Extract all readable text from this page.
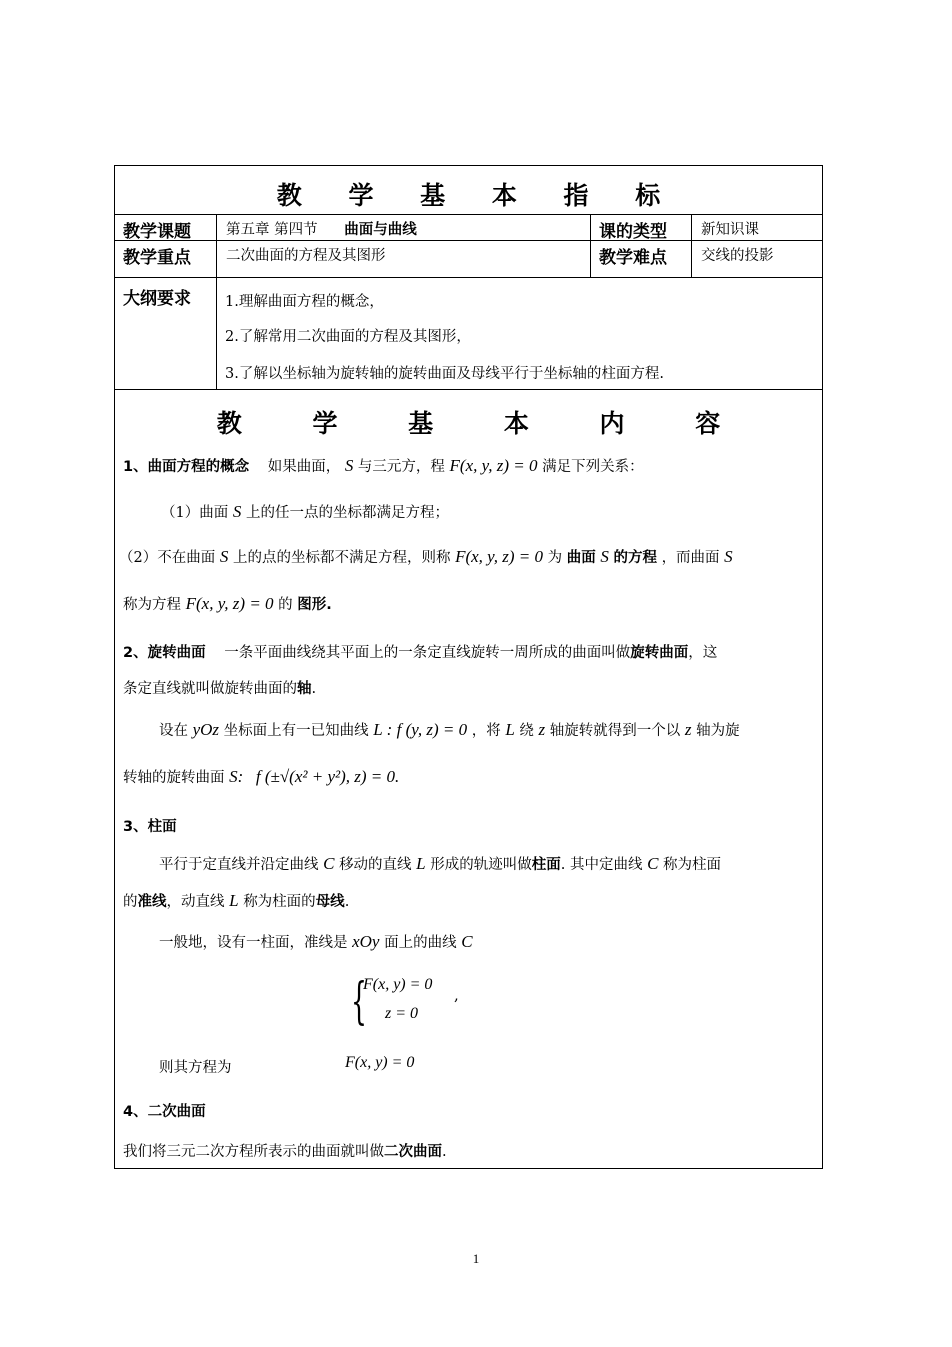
教 学 基 本 指 标
教学课题	第五章 第四节 曲面与曲线	课的类型	新知识课
教学重点	二次曲面的方程及其图形	教学难点	交线的投影
大纲要求	1.理解曲面方程的概念，
2.了解常用二次曲面的方程及其图形，
3.了解以坐标轴为旋转轴的旋转曲面及母线平行于坐标轴的柱面方程.
教 学 基 本 内 容
1、曲面方程的概念 如果曲面， S 与三元方，程 F(x, y, z) = 0 满足下列关系：
（1）曲面 S 上的任一点的坐标都满足方程；
（2）不在曲面 S 上的点的坐标都不满足方程，则称 F(x, y, z) = 0 为 曲面 S 的方程 ，而曲面 S
称为方程 F(x, y, z) = 0 的 图形.
2、旋转曲面 一条平面曲线绕其平面上的一条定直线旋转一周所成的曲面叫做旋转曲面，这
条定直线就叫做旋转曲面的轴.
设在 yOz 坐标面上有一已知曲线 L : f (y, z) = 0 ，将 L 绕 z 轴旋转就得到一个以 z 轴为旋
转轴的旋转曲面 S: f (±√(x² + y²), z) = 0.
3、柱面
平行于定直线并沿定曲线 C 移动的直线 L 形成的轨迹叫做柱面. 其中定曲线 C 称为柱面
的准线，动直线 L 称为柱面的母线.
一般地，设有一柱面，准线是 xOy 面上的曲线 C
{
F(x, y) = 0
z = 0
,
则其方程为	F(x, y) = 0
4、二次曲面
我们将三元二次方程所表示的曲面就叫做二次曲面.
1
